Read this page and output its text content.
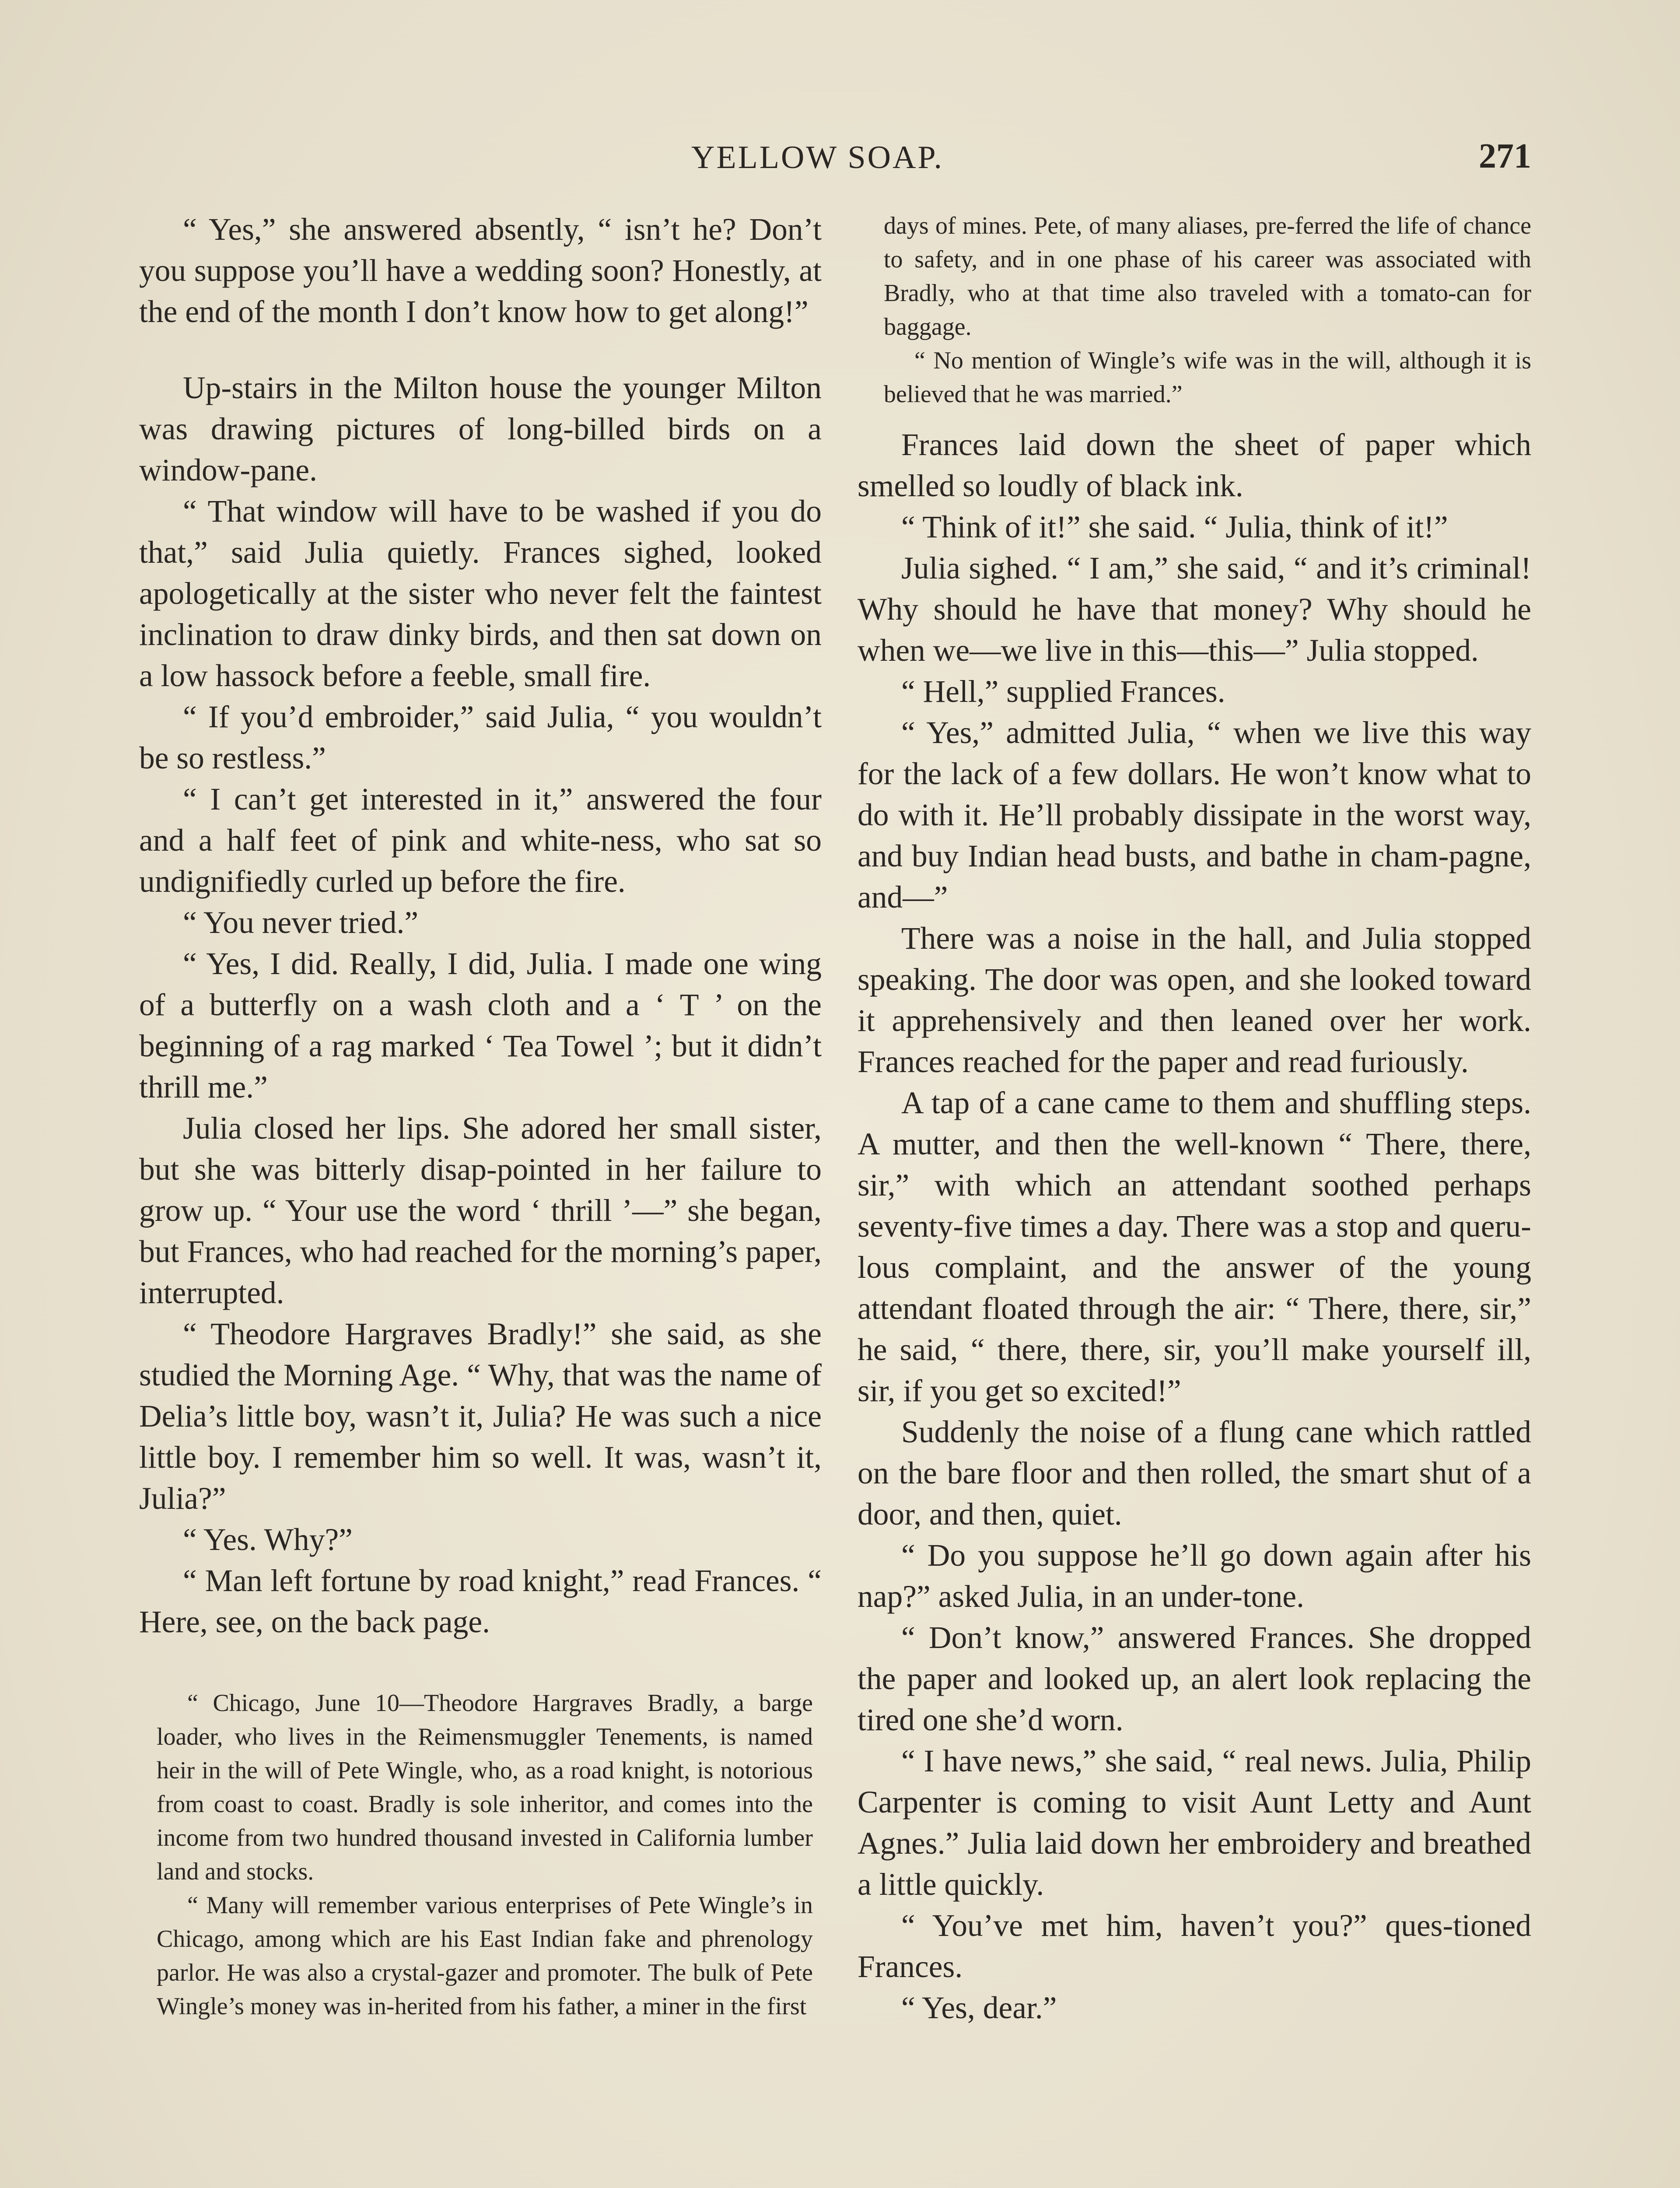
YELLOW SOAP.	271

“ Yes,” she answered absently, “ isn’t he? Don’t you suppose you’ll have a wedding soon? Honestly, at the end of the month I don’t know how to get along!”

Up-stairs in the Milton house the younger Milton was drawing pictures of long-billed birds on a window-pane.

“ That window will have to be washed if you do that,” said Julia quietly. Frances sighed, looked apologetically at the sister who never felt the faintest inclination to draw dinky birds, and then sat down on a low hassock before a feeble, small fire.

“ If you’d embroider,” said Julia, “ you wouldn’t be so restless.”

“ I can’t get interested in it,” answered the four and a half feet of pink and white-ness, who sat so undignifiedly curled up before the fire.

“ You never tried.”

“ Yes, I did. Really, I did, Julia. I made one wing of a butterfly on a wash cloth and a ‘ T ’ on the beginning of a rag marked ‘ Tea Towel ’; but it didn’t thrill me.”

Julia closed her lips. She adored her small sister, but she was bitterly disap-pointed in her failure to grow up. “ Your use the word ‘ thrill ’—” she began, but Frances, who had reached for the morning’s paper, interrupted.

“ Theodore Hargraves Bradly!” she said, as she studied the Morning Age. “ Why, that was the name of Delia’s little boy, wasn’t it, Julia? He was such a nice little boy. I remember him so well. It was, wasn’t it, Julia?”

“ Yes. Why?”

“ Man left fortune by road knight,” read Frances. “ Here, see, on the back page.

“ Chicago, June 10—Theodore Hargraves Bradly, a barge loader, who lives in the Reimensmuggler Tenements, is named heir in the will of Pete Wingle, who, as a road knight, is notorious from coast to coast. Bradly is sole inheritor, and comes into the income from two hundred thousand invested in California lumber land and stocks.

“ Many will remember various enterprises of Pete Wingle’s in Chicago, among which are his East Indian fake and phrenology parlor. He was also a crystal-gazer and promoter. The bulk of Pete Wingle’s money was in-herited from his father, a miner in the first

days of mines. Pete, of many aliases, pre-ferred the life of chance to safety, and in one phase of his career was associated with Bradly, who at that time also traveled with a tomato-can for baggage.

“ No mention of Wingle’s wife was in the will, although it is believed that he was married.”

Frances laid down the sheet of paper which smelled so loudly of black ink.

“ Think of it!” she said. “ Julia, think of it!”

Julia sighed. “ I am,” she said, “ and it’s criminal! Why should he have that money? Why should he when we—we live in this—this—” Julia stopped.

“ Hell,” supplied Frances.

“ Yes,” admitted Julia, “ when we live this way for the lack of a few dollars. He won’t know what to do with it. He’ll probably dissipate in the worst way, and buy Indian head busts, and bathe in cham-pagne, and—”

There was a noise in the hall, and Julia stopped speaking. The door was open, and she looked toward it apprehensively and then leaned over her work. Frances reached for the paper and read furiously.

A tap of a cane came to them and shuffling steps. A mutter, and then the well-known “ There, there, sir,” with which an attendant soothed perhaps seventy-five times a day. There was a stop and queru-lous complaint, and the answer of the young attendant floated through the air: “ There, there, sir,” he said, “ there, there, sir, you’ll make yourself ill, sir, if you get so excited!”

Suddenly the noise of a flung cane which rattled on the bare floor and then rolled, the smart shut of a door, and then, quiet.

“ Do you suppose he’ll go down again after his nap?” asked Julia, in an under-tone.

“ Don’t know,” answered Frances. She dropped the paper and looked up, an alert look replacing the tired one she’d worn.

“ I have news,” she said, “ real news. Julia, Philip Carpenter is coming to visit Aunt Letty and Aunt Agnes.” Julia laid down her embroidery and breathed a little quickly.

“ You’ve met him, haven’t you?” ques-tioned Frances.

“ Yes, dear.”
